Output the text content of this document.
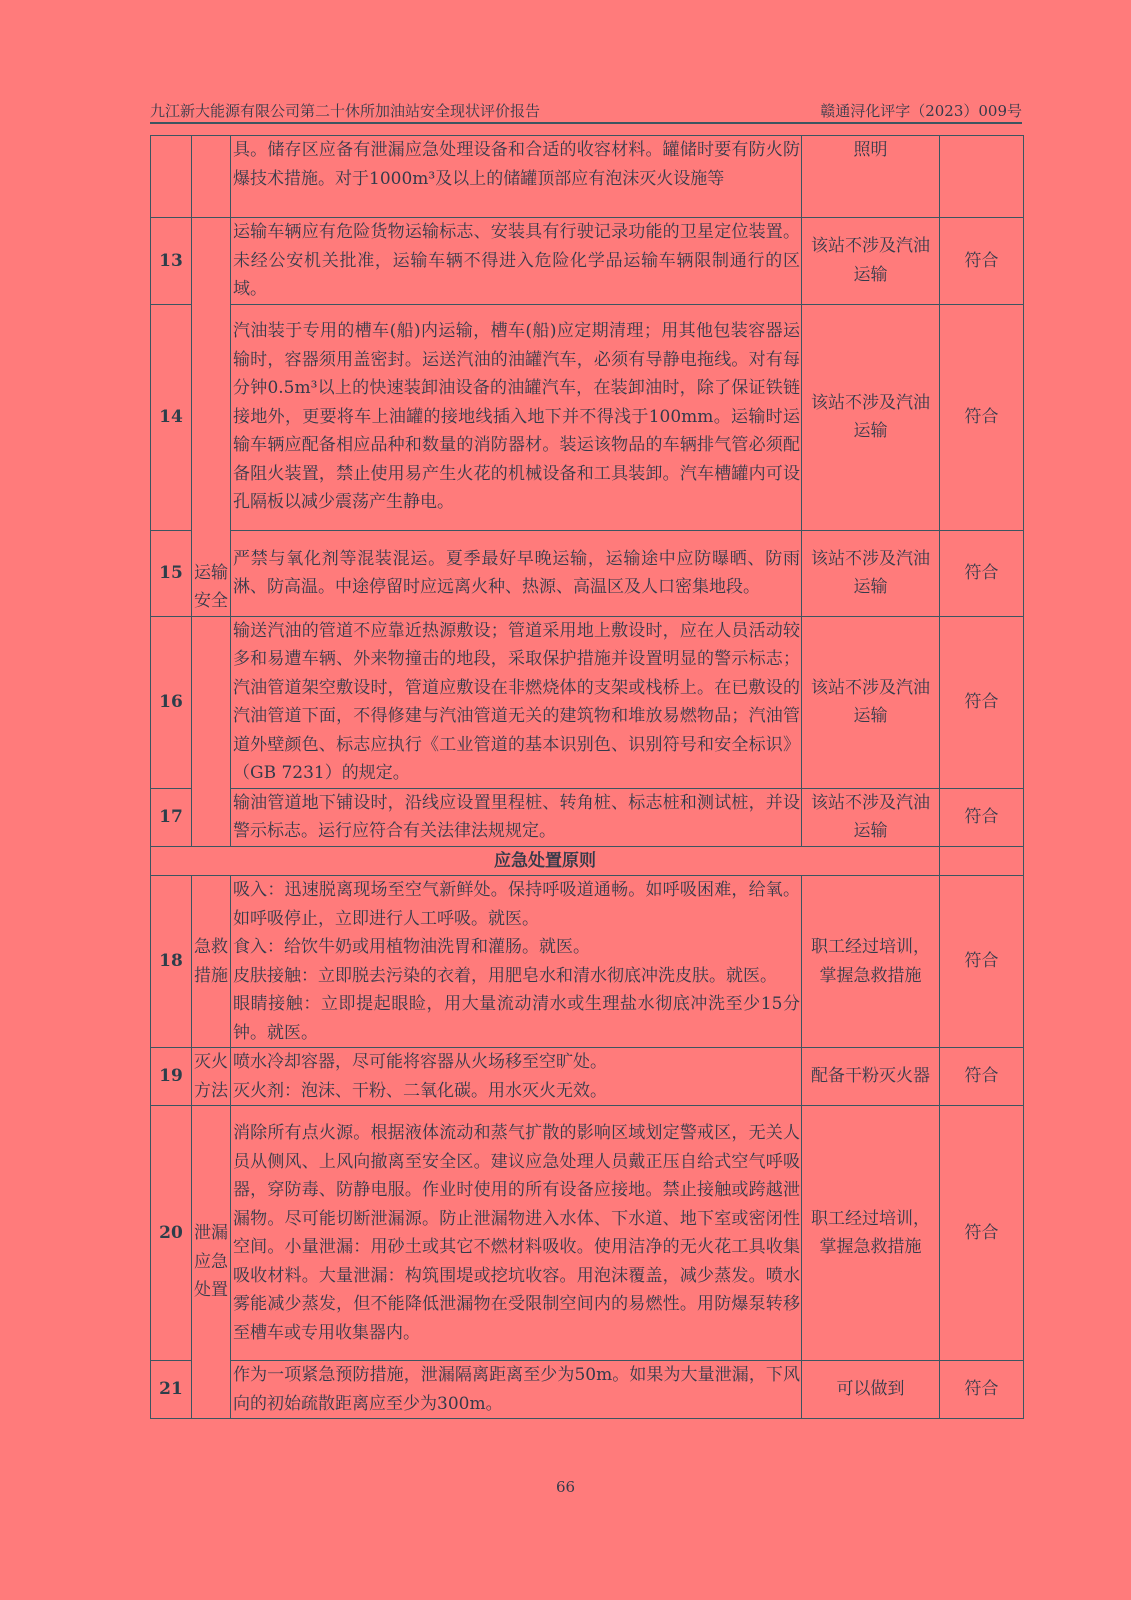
九江新大能源有限公司第二十休所加油站安全现状评价报告	赣通浔化评字（2023）009号
		具。储存区应备有泄漏应急处理设备和合适的收容材料。罐储时要有防火防爆技术措施。对于1000m³及以上的储罐顶部应有泡沫灭火设施等	照明	
13	运输安全	运输车辆应有危险货物运输标志、安装具有行驶记录功能的卫星定位装置。未经公安机关批准，运输车辆不得进入危险化学品运输车辆限制通行的区域。	该站不涉及汽油运输	符合
14		汽油装于专用的槽车(船)内运输，槽车(船)应定期清理；用其他包装容器运输时，容器须用盖密封。运送汽油的油罐汽车，必须有导静电拖线。对有每分钟0.5m³以上的快速装卸油设备的油罐汽车，在装卸油时，除了保证铁链接地外，更要将车上油罐的接地线插入地下并不得浅于100mm。运输时运输车辆应配备相应品种和数量的消防器材。装运该物品的车辆排气管必须配备阻火装置，禁止使用易产生火花的机械设备和工具装卸。汽车槽罐内可设孔隔板以减少震荡产生静电。	该站不涉及汽油运输	符合
15		严禁与氧化剂等混装混运。夏季最好早晚运输，运输途中应防曝晒、防雨淋、防高温。中途停留时应远离火种、热源、高温区及人口密集地段。	该站不涉及汽油运输	符合
16		输送汽油的管道不应靠近热源敷设；管道采用地上敷设时，应在人员活动较多和易遭车辆、外来物撞击的地段，采取保护措施并设置明显的警示标志；汽油管道架空敷设时，管道应敷设在非燃烧体的支架或栈桥上。在已敷设的汽油管道下面，不得修建与汽油管道无关的建筑物和堆放易燃物品；汽油管道外壁颜色、标志应执行《工业管道的基本识别色、识别符号和安全标识》（GB 7231）的规定。	该站不涉及汽油运输	符合
17		输油管道地下铺设时，沿线应设置里程桩、转角桩、标志桩和测试桩，并设警示标志。运行应符合有关法律法规规定。	该站不涉及汽油运输	符合
应急处置原则				
18	急救措施	吸入：迅速脱离现场至空气新鲜处。保持呼吸道通畅。如呼吸困难，给氧。如呼吸停止，立即进行人工呼吸。就医。
食入：给饮牛奶或用植物油洗胃和灌肠。就医。
皮肤接触：立即脱去污染的衣着，用肥皂水和清水彻底冲洗皮肤。就医。
眼睛接触：立即提起眼睑，用大量流动清水或生理盐水彻底冲洗至少15分钟。就医。	职工经过培训，掌握急救措施	符合
19	灭火方法	喷水冷却容器，尽可能将容器从火场移至空旷处。
灭火剂：泡沫、干粉、二氧化碳。用水灭火无效。	配备干粉灭火器	符合
20	泄漏应急处置	消除所有点火源。根据液体流动和蒸气扩散的影响区域划定警戒区，无关人员从侧风、上风向撤离至安全区。建议应急处理人员戴正压自给式空气呼吸器，穿防毒、防静电服。作业时使用的所有设备应接地。禁止接触或跨越泄漏物。尽可能切断泄漏源。防止泄漏物进入水体、下水道、地下室或密闭性空间。小量泄漏：用砂土或其它不燃材料吸收。使用洁净的无火花工具收集吸收材料。大量泄漏：构筑围堤或挖坑收容。用泡沫覆盖，减少蒸发。喷水雾能减少蒸发，但不能降低泄漏物在受限制空间内的易燃性。用防爆泵转移至槽车或专用收集器内。	职工经过培训，掌握急救措施	符合
21		作为一项紧急预防措施，泄漏隔离距离至少为50m。如果为大量泄漏，下风向的初始疏散距离应至少为300m。	可以做到	符合
66
